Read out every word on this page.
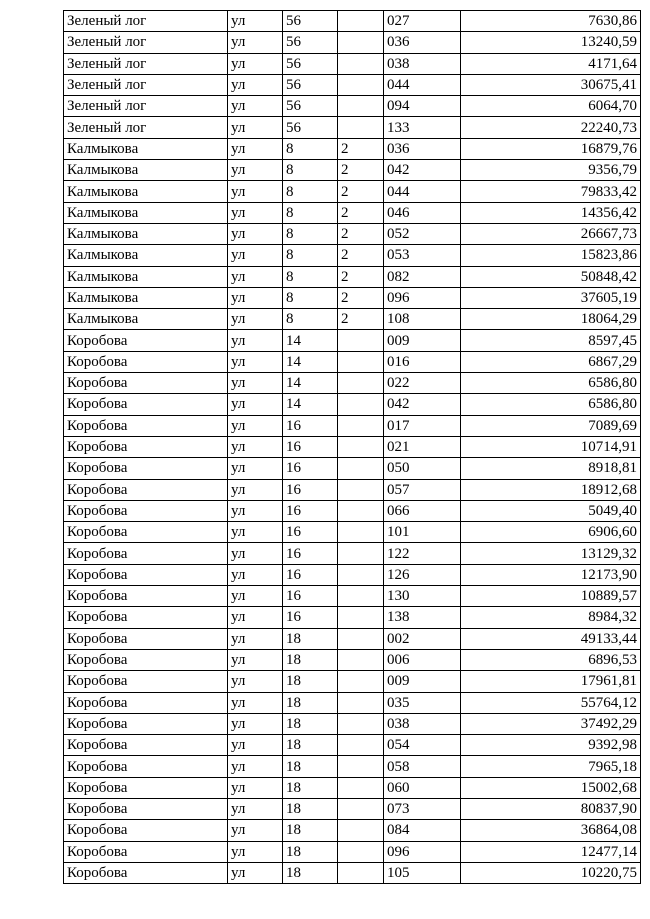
Зеленый лог	ул	56		027	7630,86
Зеленый лог	ул	56		036	13240,59
Зеленый лог	ул	56		038	4171,64
Зеленый лог	ул	56		044	30675,41
Зеленый лог	ул	56		094	6064,70
Зеленый лог	ул	56		133	22240,73
Калмыкова	ул	8	2	036	16879,76
Калмыкова	ул	8	2	042	9356,79
Калмыкова	ул	8	2	044	79833,42
Калмыкова	ул	8	2	046	14356,42
Калмыкова	ул	8	2	052	26667,73
Калмыкова	ул	8	2	053	15823,86
Калмыкова	ул	8	2	082	50848,42
Калмыкова	ул	8	2	096	37605,19
Калмыкова	ул	8	2	108	18064,29
Коробова	ул	14		009	8597,45
Коробова	ул	14		016	6867,29
Коробова	ул	14		022	6586,80
Коробова	ул	14		042	6586,80
Коробова	ул	16		017	7089,69
Коробова	ул	16		021	10714,91
Коробова	ул	16		050	8918,81
Коробова	ул	16		057	18912,68
Коробова	ул	16		066	5049,40
Коробова	ул	16		101	6906,60
Коробова	ул	16		122	13129,32
Коробова	ул	16		126	12173,90
Коробова	ул	16		130	10889,57
Коробова	ул	16		138	8984,32
Коробова	ул	18		002	49133,44
Коробова	ул	18		006	6896,53
Коробова	ул	18		009	17961,81
Коробова	ул	18		035	55764,12
Коробова	ул	18		038	37492,29
Коробова	ул	18		054	9392,98
Коробова	ул	18		058	7965,18
Коробова	ул	18		060	15002,68
Коробова	ул	18		073	80837,90
Коробова	ул	18		084	36864,08
Коробова	ул	18		096	12477,14
Коробова	ул	18		105	10220,75
